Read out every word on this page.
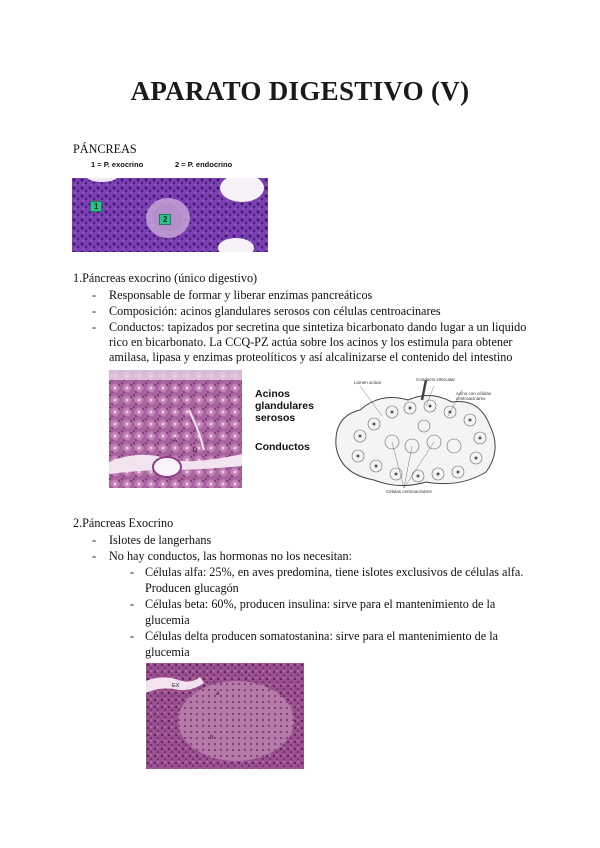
APARATO DIGESTIVO (V)
PÁNCREAS
1 = P. exocrino	2 = P. endocrino
1
2
1.Páncreas exocrino (único digestivo)
- Responsable de formar y liberar enzimas pancreáticos
- Composición: acinos glandulares serosos con células centroacinares
- Conductos: tapizados por secretina que sintetiza bicarbonato dando lugar a un liquido
rico en bicarbonato. La CCQ-PZ actúa sobre los acinos y los estimula para obtener
amilasa, lipasa y enzimas proteolíticos y así alcalinizarse el contenido del intestino
A
D
Acinos
glandulares
serosos
Conductos
Lúmen acinar
Conducto intercalar
Acino con células centroacinares
Células centroacinares
2.Páncreas Exocrino
- Islotes de langerhans
- No hay conductos, las hormonas no los necesitan:
- Células alfa: 25%, en aves predomina, tiene islotes exclusivos de células alfa.
Producen glucagón
- Células beta: 60%, producen insulina: sirve para el mantenimiento de la
glucemia
- Células delta producen somatostanina: sirve para el mantenimiento de la
glucemia
EX
a
b
